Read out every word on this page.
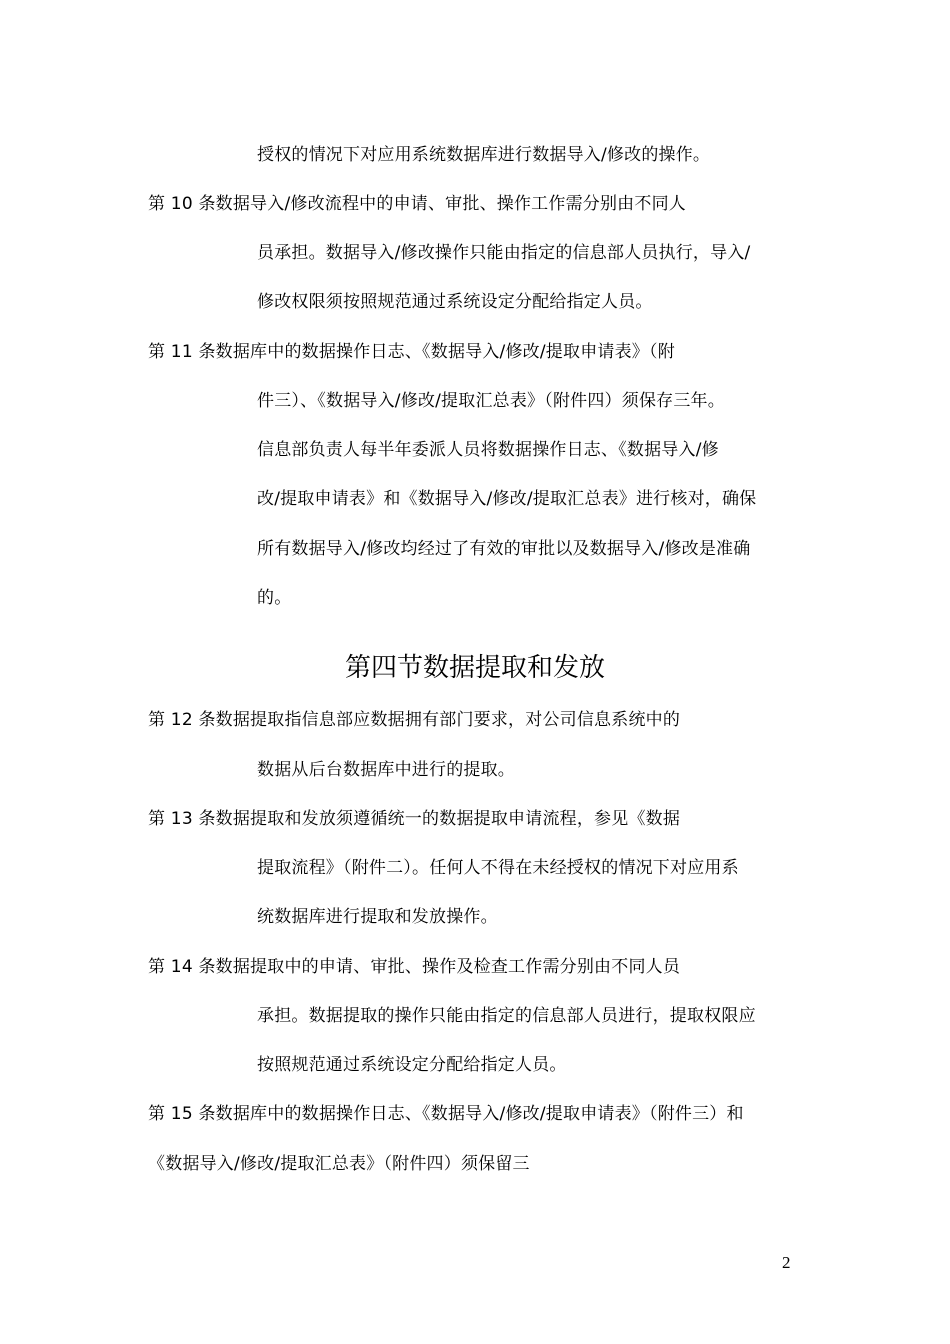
授权的情况下对应用系统数据库进行数据导入/修改的操作。
第 10 条数据导入/修改流程中的申请、审批、操作工作需分别由不同人
员承担。数据导入/修改操作只能由指定的信息部人员执行，导入/
修改权限须按照规范通过系统设定分配给指定人员。
第 11 条数据库中的数据操作日志、《数据导入/修改/提取申请表》（附
件三）、《数据导入/修改/提取汇总表》（附件四）须保存三年。
信息部负责人每半年委派人员将数据操作日志、《数据导入/修
改/提取申请表》和《数据导入/修改/提取汇总表》进行核对，确保
所有数据导入/修改均经过了有效的审批以及数据导入/修改是准确
的。
第四节数据提取和发放
第 12 条数据提取指信息部应数据拥有部门要求，对公司信息系统中的
数据从后台数据库中进行的提取。
第 13 条数据提取和发放须遵循统一的数据提取申请流程，参见《数据
提取流程》（附件二）。任何人不得在未经授权的情况下对应用系
统数据库进行提取和发放操作。
第 14 条数据提取中的申请、审批、操作及检查工作需分别由不同人员
承担。数据提取的操作只能由指定的信息部人员进行，提取权限应
按照规范通过系统设定分配给指定人员。
第 15 条数据库中的数据操作日志、《数据导入/修改/提取申请表》（附件三）和
《数据导入/修改/提取汇总表》（附件四）须保留三
2
